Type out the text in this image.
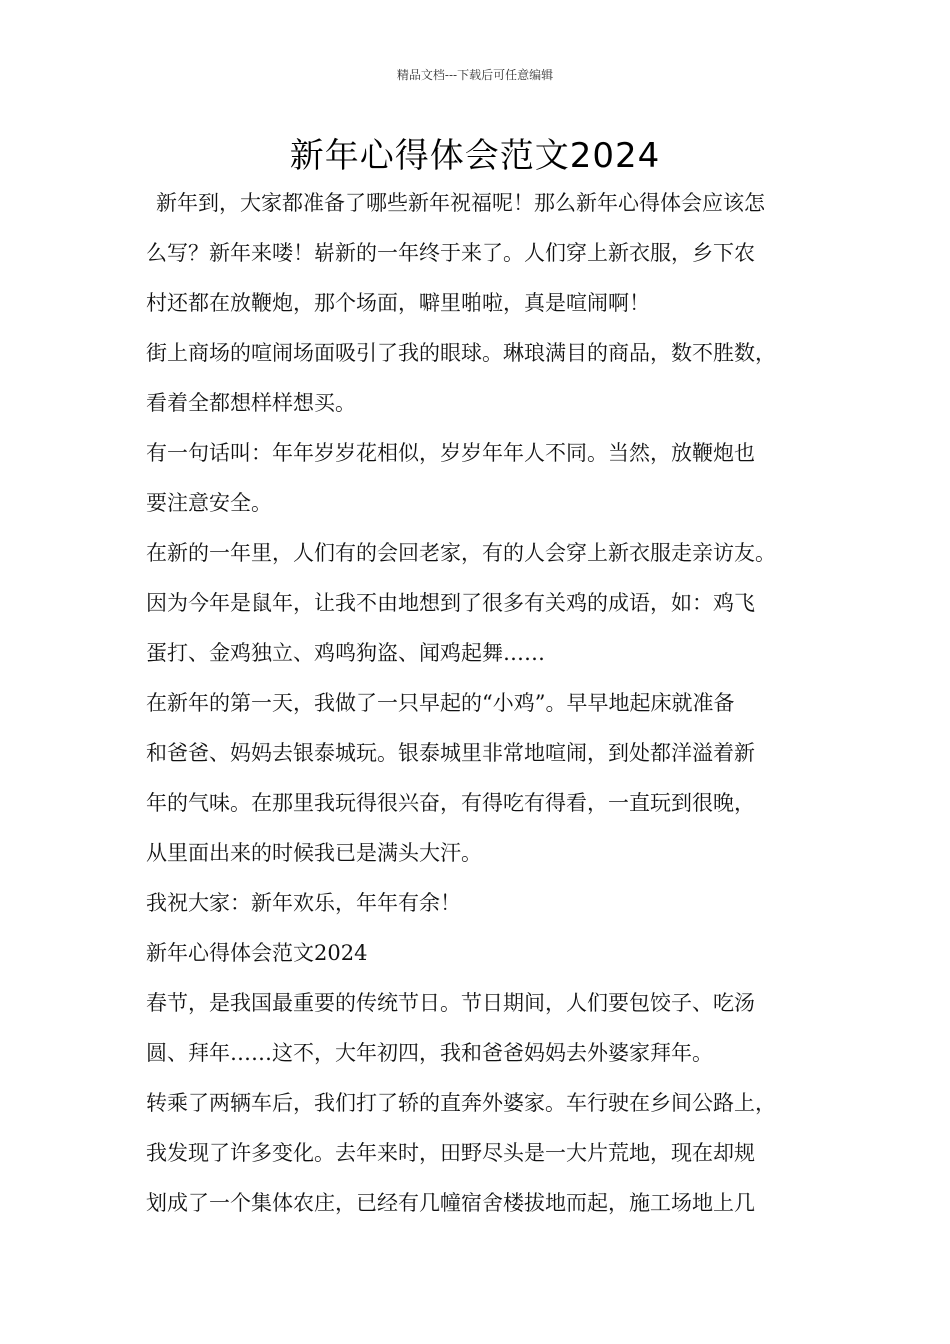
精品文档---下载后可任意编辑
新年心得体会范文2024
新年到，大家都准备了哪些新年祝福呢！那么新年心得体会应该怎
么写？新年来喽！崭新的一年终于来了。人们穿上新衣服，乡下农
村还都在放鞭炮，那个场面，噼里啪啦，真是喧闹啊！
街上商场的喧闹场面吸引了我的眼球。琳琅满目的商品，数不胜数，
看着全都想样样想买。
有一句话叫：年年岁岁花相似，岁岁年年人不同。当然，放鞭炮也
要注意安全。
在新的一年里，人们有的会回老家，有的人会穿上新衣服走亲访友。
因为今年是鼠年，让我不由地想到了很多有关鸡的成语，如：鸡飞
蛋打、金鸡独立、鸡鸣狗盗、闻鸡起舞……
在新年的第一天，我做了一只早起的“小鸡”。早早地起床就准备
和爸爸、妈妈去银泰城玩。银泰城里非常地喧闹，到处都洋溢着新
年的气味。在那里我玩得很兴奋，有得吃有得看，一直玩到很晚，
从里面出来的时候我已是满头大汗。
我祝大家：新年欢乐，年年有余！
新年心得体会范文2024
春节，是我国最重要的传统节日。节日期间，人们要包饺子、吃汤
圆、拜年……这不，大年初四，我和爸爸妈妈去外婆家拜年。
转乘了两辆车后，我们打了轿的直奔外婆家。车行驶在乡间公路上，
我发现了许多变化。去年来时，田野尽头是一大片荒地，现在却规
划成了一个集体农庄，已经有几幢宿舍楼拔地而起，施工场地上几
